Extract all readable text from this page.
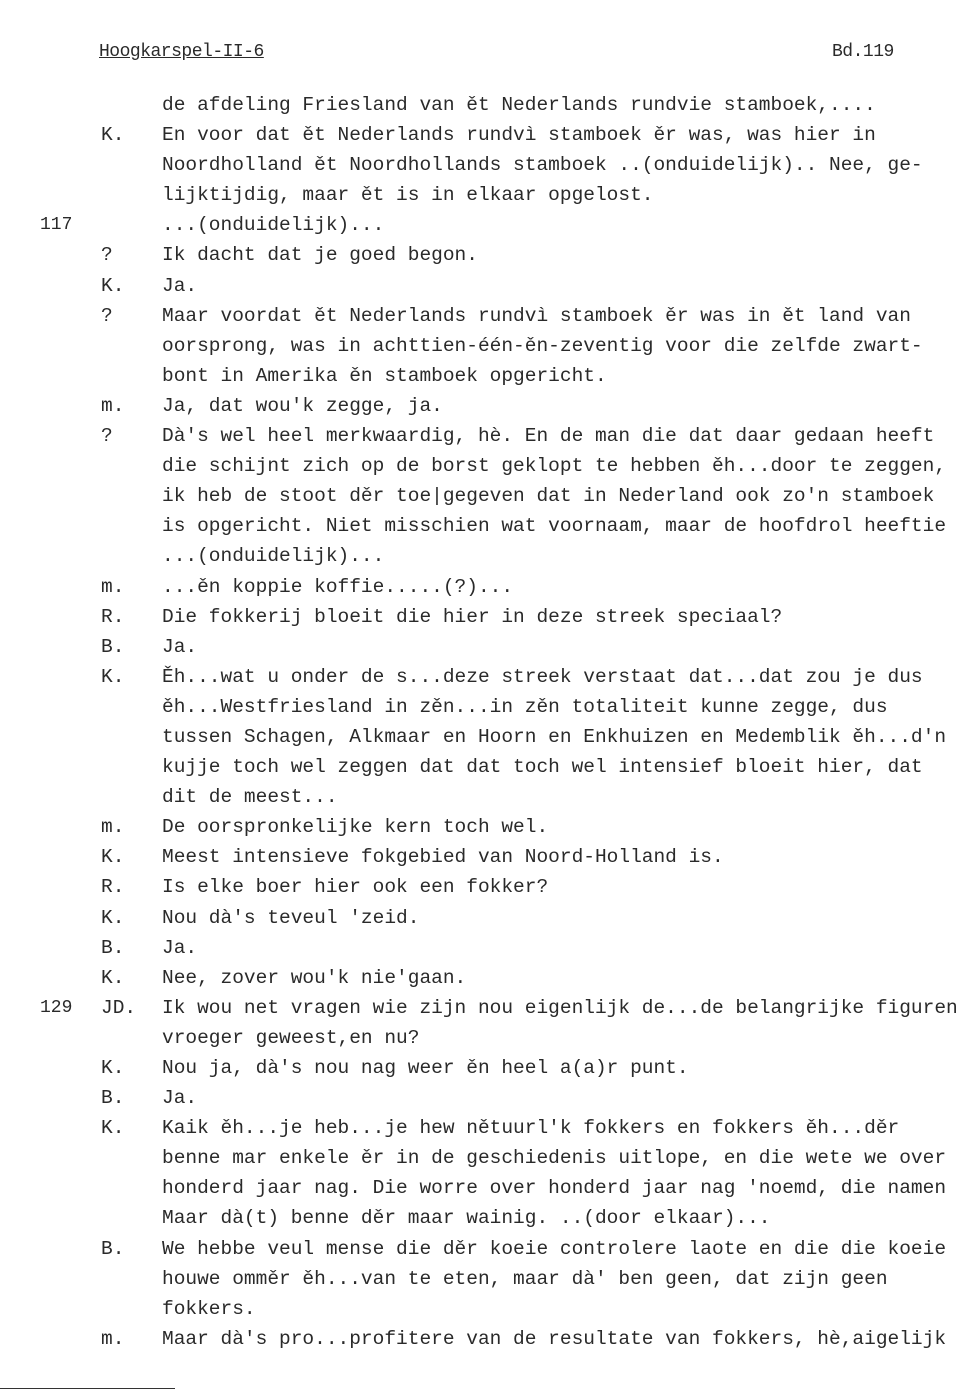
Hoogkarspel-II-6	Bd.119
de afdeling Friesland van ět Nederlands rundvie stamboek,....
K. En voor dat ět Nederlands rundvì stamboek ěr was, was hier in
Noordholland ět Noordhollands stamboek ..(onduidelijk).. Nee, ge-
lijktijdig, maar ět is in elkaar opgelost.
117	...(onduidelijk)...
?	Ik dacht dat je goed begon.
K. Ja.
?	Maar voordat ět Nederlands rundvì stamboek ěr was in ět land van
oorsprong, was in achttien-één-ěn-zeventig voor die zelfde zwart-
bont in Amerika ěn stamboek opgericht.
m. Ja, dat wou'k zegge, ja.
?	Dà's wel heel merkwaardig, hè. En de man die dat daar gedaan heeft
die schijnt zich op de borst geklopt te hebben ěh...door te zeggen,
ik heb de stoot děr toe|gegeven dat in Nederland ook zo'n stamboek
is opgericht. Niet misschien wat voornaam, maar de hoofdrol heeftie
...(onduidelijk)...
m. ...ěn koppie koffie.....(?)...
R. Die fokkerij bloeit die hier in deze streek speciaal?
B. Ja.
K. Ěh...wat u onder de s...deze streek verstaat dat...dat zou je dus
ěh...Westfriesland in zěn...in zěn totaliteit kunne zegge, dus
tussen Schagen, Alkmaar en Hoorn en Enkhuizen en Medemblik ěh...d'n
kujje toch wel zeggen dat dat toch wel intensief bloeit hier, dat
dit de meest...
m. De oorspronkelijke kern toch wel.
K. Meest intensieve fokgebied van Noord-Holland is.
R. Is elke boer hier ook een fokker?
K. Nou dà's teveul 'zeid.
B. Ja.
K. Nee, zover wou'k nie'gaan.
129 JD. Ik wou net vragen wie zijn nou eigenlijk de...de belangrijke figuren
vroeger geweest,en nu?
K. Nou ja, dà's nou nag weer ěn heel a(a)r punt.
B. Ja.
K. Kaik ěh...je heb...je hew nětuurl'k fokkers en fokkers ěh...děr
benne mar enkele ěr in de geschiedenis uitlope, en die wete we over
honderd jaar nag. Die worre over honderd jaar nag 'noemd, die namen
Maar dà(t) benne děr maar wainig. ..(door elkaar)...
B. We hebbe veul mense die děr koeie controlere laote en die die koeie
houwe omměr ěh...van te eten, maar dà' ben geen, dat zijn geen
fokkers.
m. Maar dà's pro...profitere van de resultate van fokkers, hè,aigelijk
